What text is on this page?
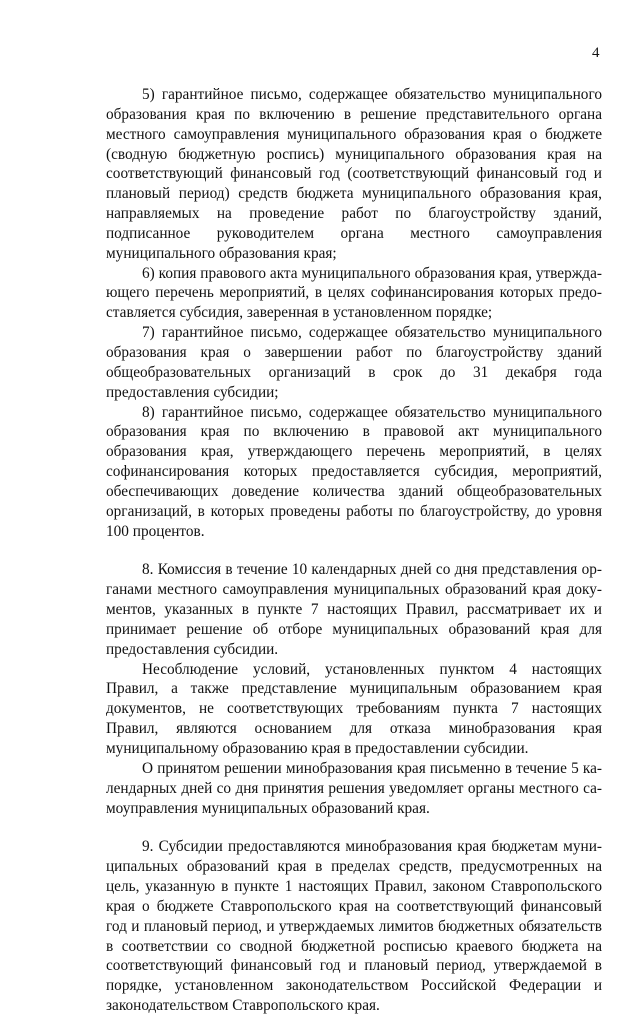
4

5) гарантийное письмо, содержащее обязательство муниципального образования края по включению в решение представительного органа местного самоуправления муниципального образования края о бюджете (сводную бюджетную роспись) муниципального образования края на соответствующий финансовый год (соответствующий финансовый год и плановый период) средств бюджета муниципального образования края, направляемых на проведение работ по благоустройству зданий, подписанное руководителем органа местного самоуправления муниципального образования края;

6) копия правового акта муниципального образования края, утверждающего перечень мероприятий, в целях софинансирования которых предоставляется субсидия, заверенная в установленном порядке;

7) гарантийное письмо, содержащее обязательство муниципального образования края о завершении работ по благоустройству зданий общеобразовательных организаций в срок до 31 декабря года предоставления субсидии;

8) гарантийное письмо, содержащее обязательство муниципального образования края по включению в правовой акт муниципального образования края, утверждающего перечень мероприятий, в целях софинансирования которых предоставляется субсидия, мероприятий, обеспечивающих доведение количества зданий общеобразовательных организаций, в которых проведены работы по благоустройству, до уровня 100 процентов.

8. Комиссия в течение 10 календарных дней со дня представления органами местного самоуправления муниципальных образований края документов, указанных в пункте 7 настоящих Правил, рассматривает их и принимает решение об отборе муниципальных образований края для предоставления субсидии.

Несоблюдение условий, установленных пунктом 4 настоящих Правил, а также представление муниципальным образованием края документов, не соответствующих требованиям пункта 7 настоящих Правил, являются основанием для отказа минобразования края муниципальному образованию края в предоставлении субсидии.

О принятом решении минобразования края письменно в течение 5 календарных дней со дня принятия решения уведомляет органы местного самоуправления муниципальных образований края.

9. Субсидии предоставляются минобразования края бюджетам муниципальных образований края в пределах средств, предусмотренных на цель, указанную в пункте 1 настоящих Правил, законом Ставропольского края о бюджете Ставропольского края на соответствующий финансовый год и плановый период, и утверждаемых лимитов бюджетных обязательств в соответствии со сводной бюджетной росписью краевого бюджета на соответствующий финансовый год и плановый период, утверждаемой в порядке, установленном законодательством Российской Федерации и законодательством Ставропольского края.
